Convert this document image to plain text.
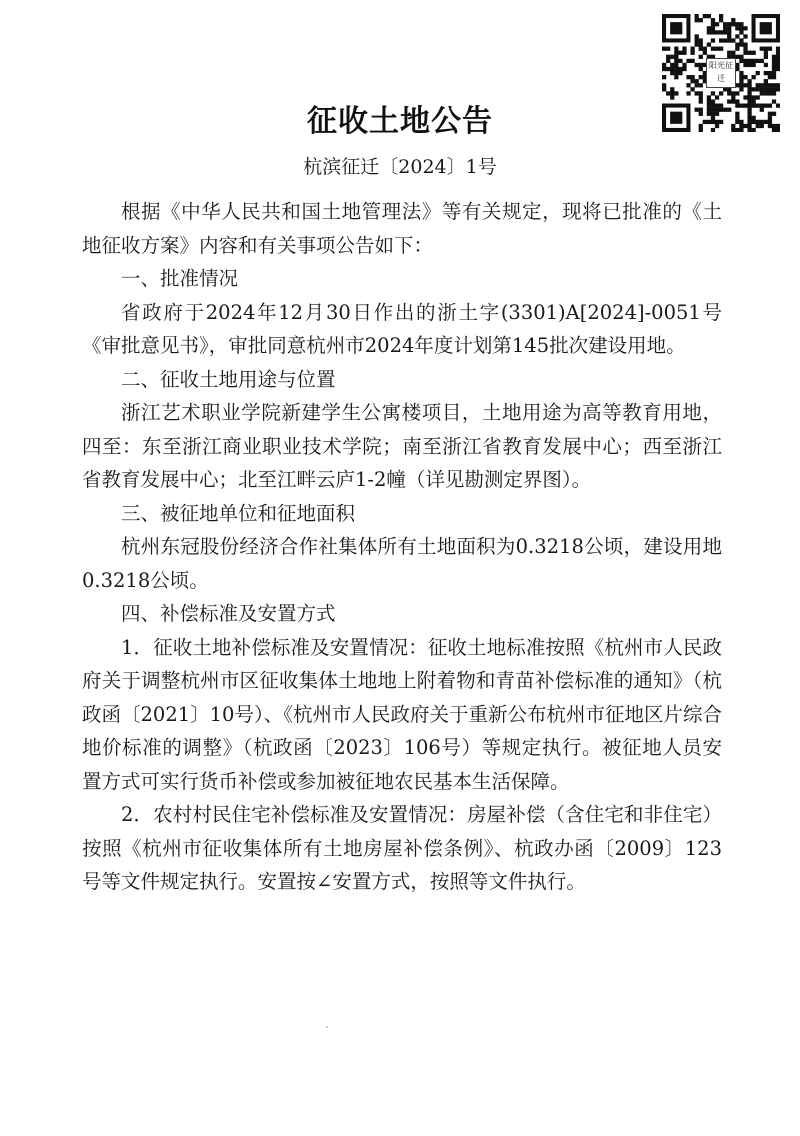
阳光征迁
征收土地公告
杭滨征迁〔2024〕1号

根据《中华人民共和国土地管理法》等有关规定，现将已批准的《土地征收方案》内容和有关事项公告如下：

一、批准情况

省政府于2024年12月30日作出的浙土字(3301)A[2024]-0051号《审批意见书》，审批同意杭州市2024年度计划第145批次建设用地。

二、征收土地用途与位置

浙江艺术职业学院新建学生公寓楼项目，土地用途为高等教育用地，四至：东至浙江商业职业技术学院；南至浙江省教育发展中心；西至浙江省教育发展中心；北至江畔云庐1-2幢（详见勘测定界图）。

三、被征地单位和征地面积

杭州东冠股份经济合作社集体所有土地面积为0.3218公顷，建设用地0.3218公顷。

四、补偿标准及安置方式

1．征收土地补偿标准及安置情况：征收土地标准按照《杭州市人民政府关于调整杭州市区征收集体土地地上附着物和青苗补偿标准的通知》（杭政函〔2021〕10号）、《杭州市人民政府关于重新公布杭州市征地区片综合地价标准的调整》（杭政函〔2023〕106号）等规定执行。被征地人员安置方式可实行货币补偿或参加被征地农民基本生活保障。

2．农村村民住宅补偿标准及安置情况：房屋补偿（含住宅和非住宅）按照《杭州市征收集体所有土地房屋补偿条例》、杭政办函〔2009〕123号等文件规定执行。安置按∠安置方式，按照等文件执行。
